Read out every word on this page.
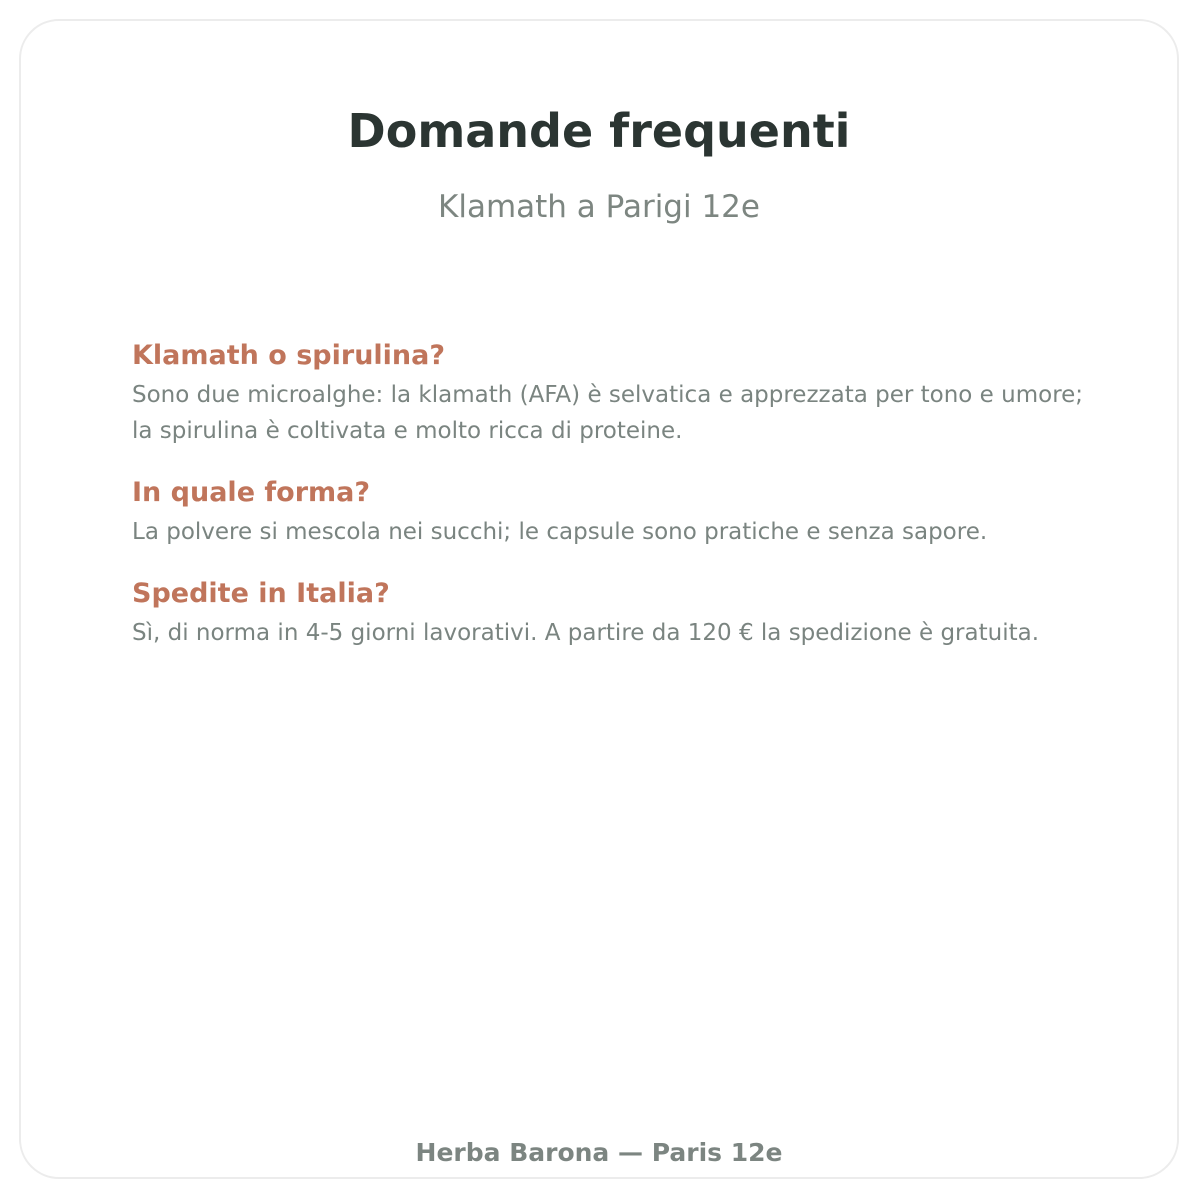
Domande frequenti

Klamath a Parigi 12e

Klamath o spirulina?

Sono due microalghe: la klamath (AFA) è selvatica e apprezzata per tono e umore; la spirulina è coltivata e molto ricca di proteine.

In quale forma?

La polvere si mescola nei succhi; le capsule sono pratiche e senza sapore.

Spedite in Italia?

Sì, di norma in 4-5 giorni lavorativi. A partire da 120 € la spedizione è gratuita.

Herba Barona — Paris 12e
